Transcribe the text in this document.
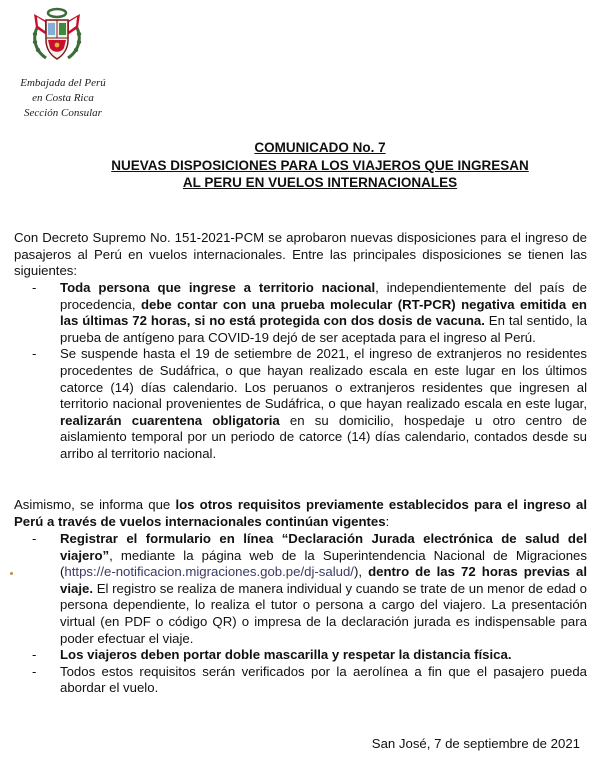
Embajada del Perú
en Costa Rica
Sección Consular

COMUNICADO No. 7

NUEVAS DISPOSICIONES PARA LOS VIAJEROS QUE INGRESAN

AL PERU EN VUELOS INTERNACIONALES

Con Decreto Supremo No. 151-2021-PCM se aprobaron nuevas disposiciones para el ingreso de pasajeros al Perú en vuelos internacionales. Entre las principales disposiciones se tienen las siguientes:

- Toda persona que ingrese a territorio nacional, independientemente del país de procedencia, debe contar con una prueba molecular (RT-PCR) negativa emitida en las últimas 72 horas, si no está protegida con dos dosis de vacuna. En tal sentido, la prueba de antígeno para COVID-19 dejó de ser aceptada para el ingreso al Perú.
- Se suspende hasta el 19 de setiembre de 2021, el ingreso de extranjeros no residentes procedentes de Sudáfrica, o que hayan realizado escala en este lugar en los últimos catorce (14) días calendario. Los peruanos o extranjeros residentes que ingresen al territorio nacional provenientes de Sudáfrica, o que hayan realizado escala en este lugar, realizarán cuarentena obligatoria en su domicilio, hospedaje u otro centro de aislamiento temporal por un periodo de catorce (14) días calendario, contados desde su arribo al territorio nacional.

Asimismo, se informa que los otros requisitos previamente establecidos para el ingreso al Perú a través de vuelos internacionales continúan vigentes:

- Registrar el formulario en línea “Declaración Jurada electrónica de salud del viajero”, mediante la página web de la Superintendencia Nacional de Migraciones (https://e-notificacion.migraciones.gob.pe/dj-salud/), dentro de las 72 horas previas al viaje. El registro se realiza de manera individual y cuando se trate de un menor de edad o persona dependiente, lo realiza el tutor o persona a cargo del viajero. La presentación virtual (en PDF o código QR) o impresa de la declaración jurada es indispensable para poder efectuar el viaje.
- Los viajeros deben portar doble mascarilla y respetar la distancia física.
- Todos estos requisitos serán verificados por la aerolínea a fin que el pasajero pueda abordar el vuelo.
San José, 7 de septiembre de 2021
